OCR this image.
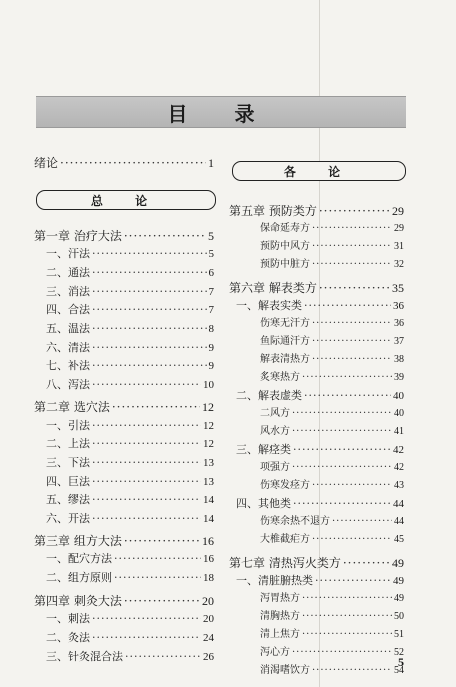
目 录
绪论 ·····	1
总 论
各 论
5
第一章 治疗大法 ·····	5
一、汗法 ·····	5
二、通法 ·····	6
三、消法 ·····	7
四、合法 ·····	7
五、温法 ·····	8
六、清法 ·····	9
七、补法 ·····	9
八、泻法 ·····	10
第二章 选穴法 ·····	12
一、引法 ·····	12
二、上法 ·····	12
三、下法 ·····	13
四、巨法 ·····	13
五、缪法 ·····	14
六、开法 ·····	14
第三章 组方大法 ·····	16
一、配穴方法 ·····	16
二、组方原则 ·····	18
第四章 刺灸大法 ·····	20
一、刺法 ·····	20
二、灸法 ·····	24
三、针灸混合法 ·····	26
第五章 预防类方 ·····	29
保命延寿方 ·····	29
预防中风方 ·····	31
预防中脏方 ·····	32
第六章 解表类方 ·····	35
一、解表实类 ·····	36
伤寒无汗方 ·····	36
鱼际通汗方 ·····	37
解表清热方 ·····	38
炙寒热方 ·····	39
二、解表虚类 ·····	40
二风方 ·····	40
风水方 ·····	41
三、解痉类 ·····	42
项强方 ·····	42
伤寒发痉方 ·····	43
四、其他类 ·····	44
伤寒余热不退方 ·····	44
大椎截疟方 ·····	45
第七章 清热泻火类方 ·····	49
一、清脏腑热类 ·····	49
泻胃热方 ·····	49
清胸热方 ·····	50
清上焦方 ·····	51
泻心方 ·····	52
消渴嗜饮方 ·····	54
